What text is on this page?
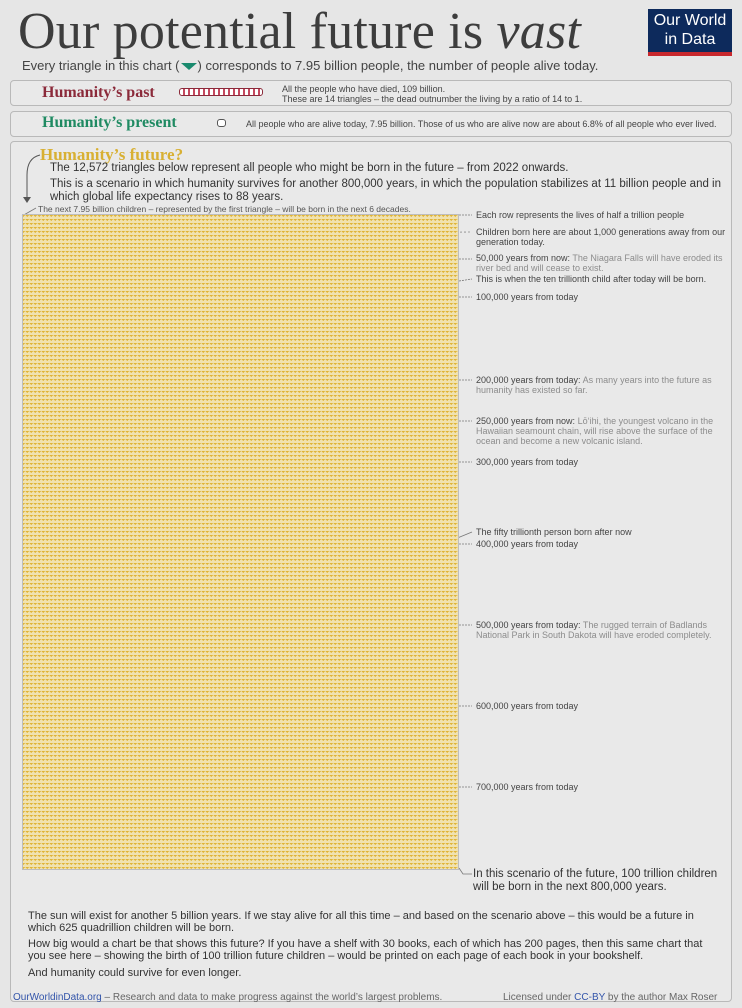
Our potential future is vast	Our World
in Data
Every triangle in this chart ( ) corresponds to 7.95 billion people, the number of people alive today.
Humanity’s past	All the people who have died, 109 billion.
These are 14 triangles – the dead outnumber the living by a ratio of 14 to 1.
Humanity’s present	All people who are alive today, 7.95 billion. Those of us who are alive now are about 6.8% of all people who ever lived.
Humanity’s future?
The 12,572 triangles below represent all people who might be born in the future – from 2022 onwards.
This is a scenario in which humanity survives for another 800,000 years, in which the population stabilizes at 11 billion people and in which global life expectancy rises to 88 years.
The next 7.95 billion children – represented by the first triangle – will be born in the next 6 decades.
Each row represents the lives of half a trillion people
Children born here are about 1,000 generations away from our generation today.
50,000 years from now: The Niagara Falls will have eroded its river bed and will cease to exist.
This is when the ten trillionth child after today will be born.
100,000 years from today
200,000 years from today: As many years into the future as humanity has existed so far.
250,000 years from now: Lōʻihi, the youngest volcano in the Hawaiian seamount chain, will rise above the surface of the ocean and become a new volcanic island.
300,000 years from today
The fifty trillionth person born after now
400,000 years from today
500,000 years from today: The rugged terrain of Badlands National Park in South Dakota will have eroded completely.
600,000 years from today
700,000 years from today
In this scenario of the future, 100 trillion children will be born in the next 800,000 years.
The sun will exist for another 5 billion years. If we stay alive for all this time – and based on the scenario above – this would be a future in which 625 quadrillion children will be born.
How big would a chart be that shows this future? If you have a shelf with 30 books, each of which has 200 pages, then this same chart that you see here – showing the birth of 100 trillion future children – would be printed on each page of each book in your bookshelf.
And humanity could survive for even longer.
OurWorldinData.org – Research and data to make progress against the world’s largest problems.	Licensed under CC-BY by the author Max Roser
